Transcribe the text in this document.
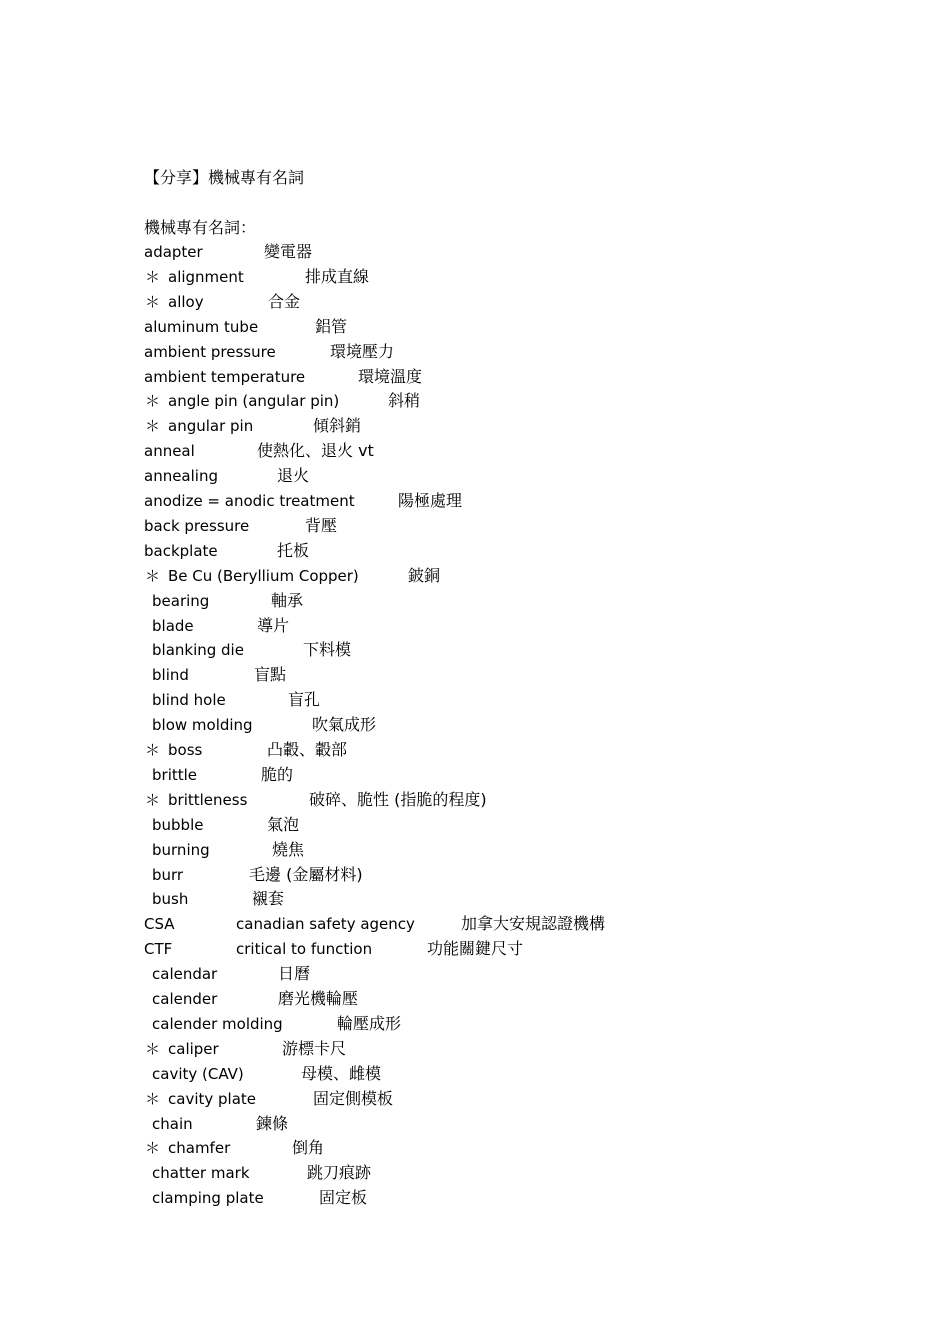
【分享】機械專有名詞
機械專有名詞：
adapter	變電器
＊ alignment	排成直線
＊ alloy	合金
aluminum tube	鋁管
ambient pressure	環境壓力
ambient temperature	環境溫度
＊ angle pin (angular pin)	斜稍
＊ angular pin	傾斜銷
anneal	使熱化、退火 vt
annealing	退火
anodize = anodic treatment	陽極處理
back pressure	背壓
backplate	托板
＊ Be Cu (Beryllium Copper)	鈹銅
bearing	軸承
blade	導片
blanking die	下料模
blind	盲點
blind hole	盲孔
blow molding	吹氣成形
＊ boss	凸轂、轂部
brittle	脆的
＊ brittleness	破碎、脆性 (指脆的程度)
bubble	氣泡
burning	燒焦
burr	毛邊 (金屬材料)
bush	襯套
CSA	canadian safety agency	加拿大安規認證機構
CTF	critical to function	功能關鍵尺寸
calendar	日曆
calender	磨光機輪壓
calender molding	輪壓成形
＊ caliper	游標卡尺
cavity (CAV)	母模、雌模
＊ cavity plate	固定側模板
chain	鍊條
＊ chamfer	倒角
chatter mark	跳刀痕跡
clamping plate	固定板
